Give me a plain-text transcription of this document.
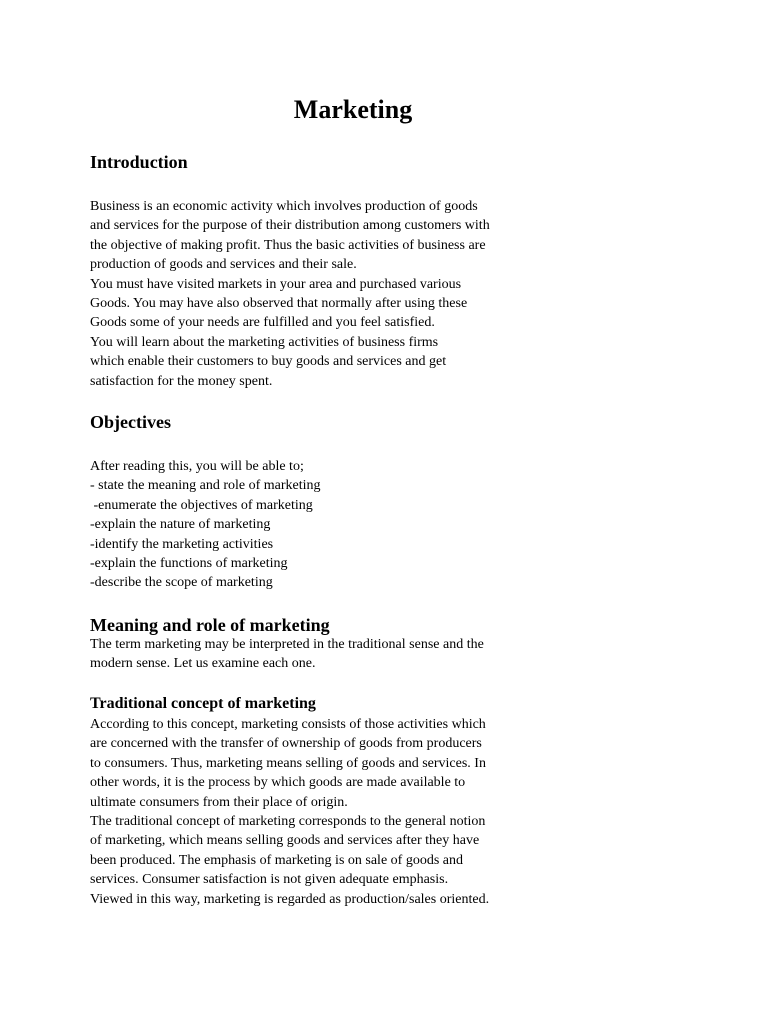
Marketing
Introduction
Business is an economic activity which involves production of goods
and services for the purpose of their distribution among customers with
the objective of making profit. Thus the basic activities of business are
production of goods and services and their sale.
You must have visited markets in your area and purchased various
Goods. You may have also observed that normally after using these
Goods some of your needs are fulfilled and you feel satisfied.
You will learn about the marketing activities of business firms
which enable their customers to buy goods and services and get
satisfaction for the money spent.
Objectives
After reading this, you will be able to;
- state the meaning and role of marketing
-enumerate the objectives of marketing
-explain the nature of marketing
-identify the marketing activities
-explain the functions of marketing
-describe the scope of marketing
Meaning and role of marketing
The term marketing may be interpreted in the traditional sense and the
modern sense. Let us examine each one.
Traditional concept of marketing
According to this concept, marketing consists of those activities which
are concerned with the transfer of ownership of goods from producers
to consumers. Thus, marketing means selling of goods and services. In
other words, it is the process by which goods are made available to
ultimate consumers from their place of origin.
The traditional concept of marketing corresponds to the general notion
of marketing, which means selling goods and services after they have
been produced. The emphasis of marketing is on sale of goods and
services. Consumer satisfaction is not given adequate emphasis.
Viewed in this way, marketing is regarded as production/sales oriented.
